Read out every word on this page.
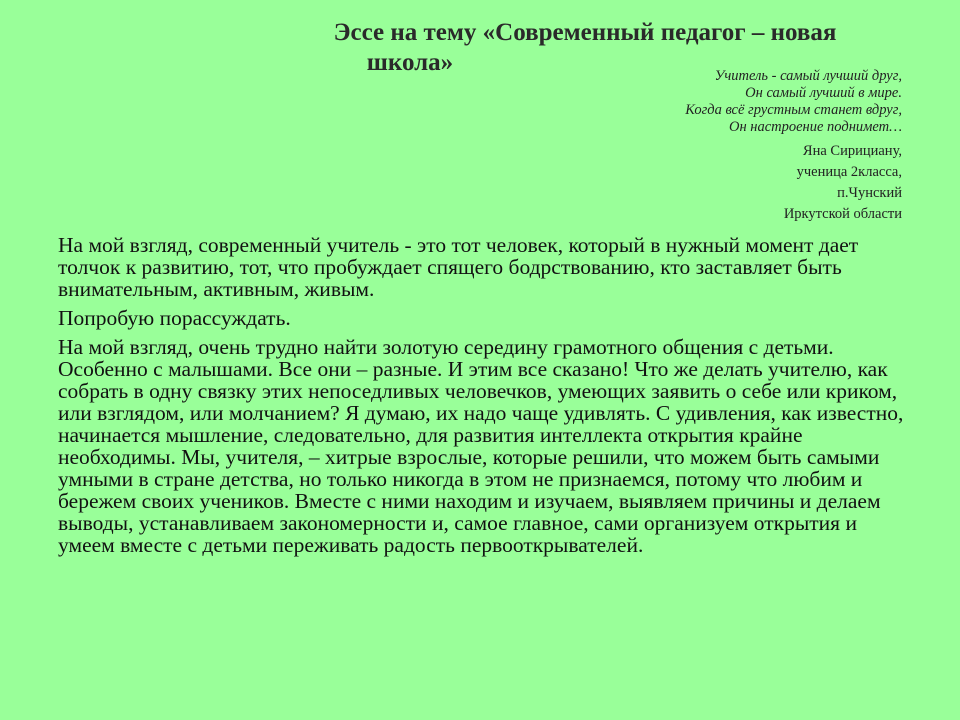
Эссе на тему «Современный педагог – новая

школа»	Учитель - самый лучший друг,
Он самый лучший в мире.
Когда всё грустным станет вдруг,
Он настроение поднимет…
Яна Сирициану,
ученица 2класса,
п.Чунский
Иркутской области

На мой взгляд, современный учитель - это тот человек, который в нужный момент дает толчок к развитию, тот, что пробуждает спящего бодрствованию, кто заставляет быть внимательным, активным, живым.

Попробую порассуждать.

На мой взгляд, очень трудно найти золотую середину грамотного общения с детьми. Особенно с малышами. Все они – разные. И этим все сказано! Что же делать учителю, как собрать в одну связку этих непоседливых человечков, умеющих заявить о себе или криком, или взглядом, или молчанием? Я думаю, их надо чаще удивлять. С удивления, как известно, начинается мышление, следовательно, для развития интеллекта открытия крайне необходимы. Мы, учителя, – хитрые взрослые, которые решили, что можем быть самыми умными в стране детства, но только никогда в этом не признаемся, потому что любим и бережем своих учеников. Вместе с ними находим и изучаем, выявляем причины и делаем выводы, устанавливаем закономерности и, самое главное, сами организуем открытия и умеем вместе с детьми переживать радость первооткрывателей.
